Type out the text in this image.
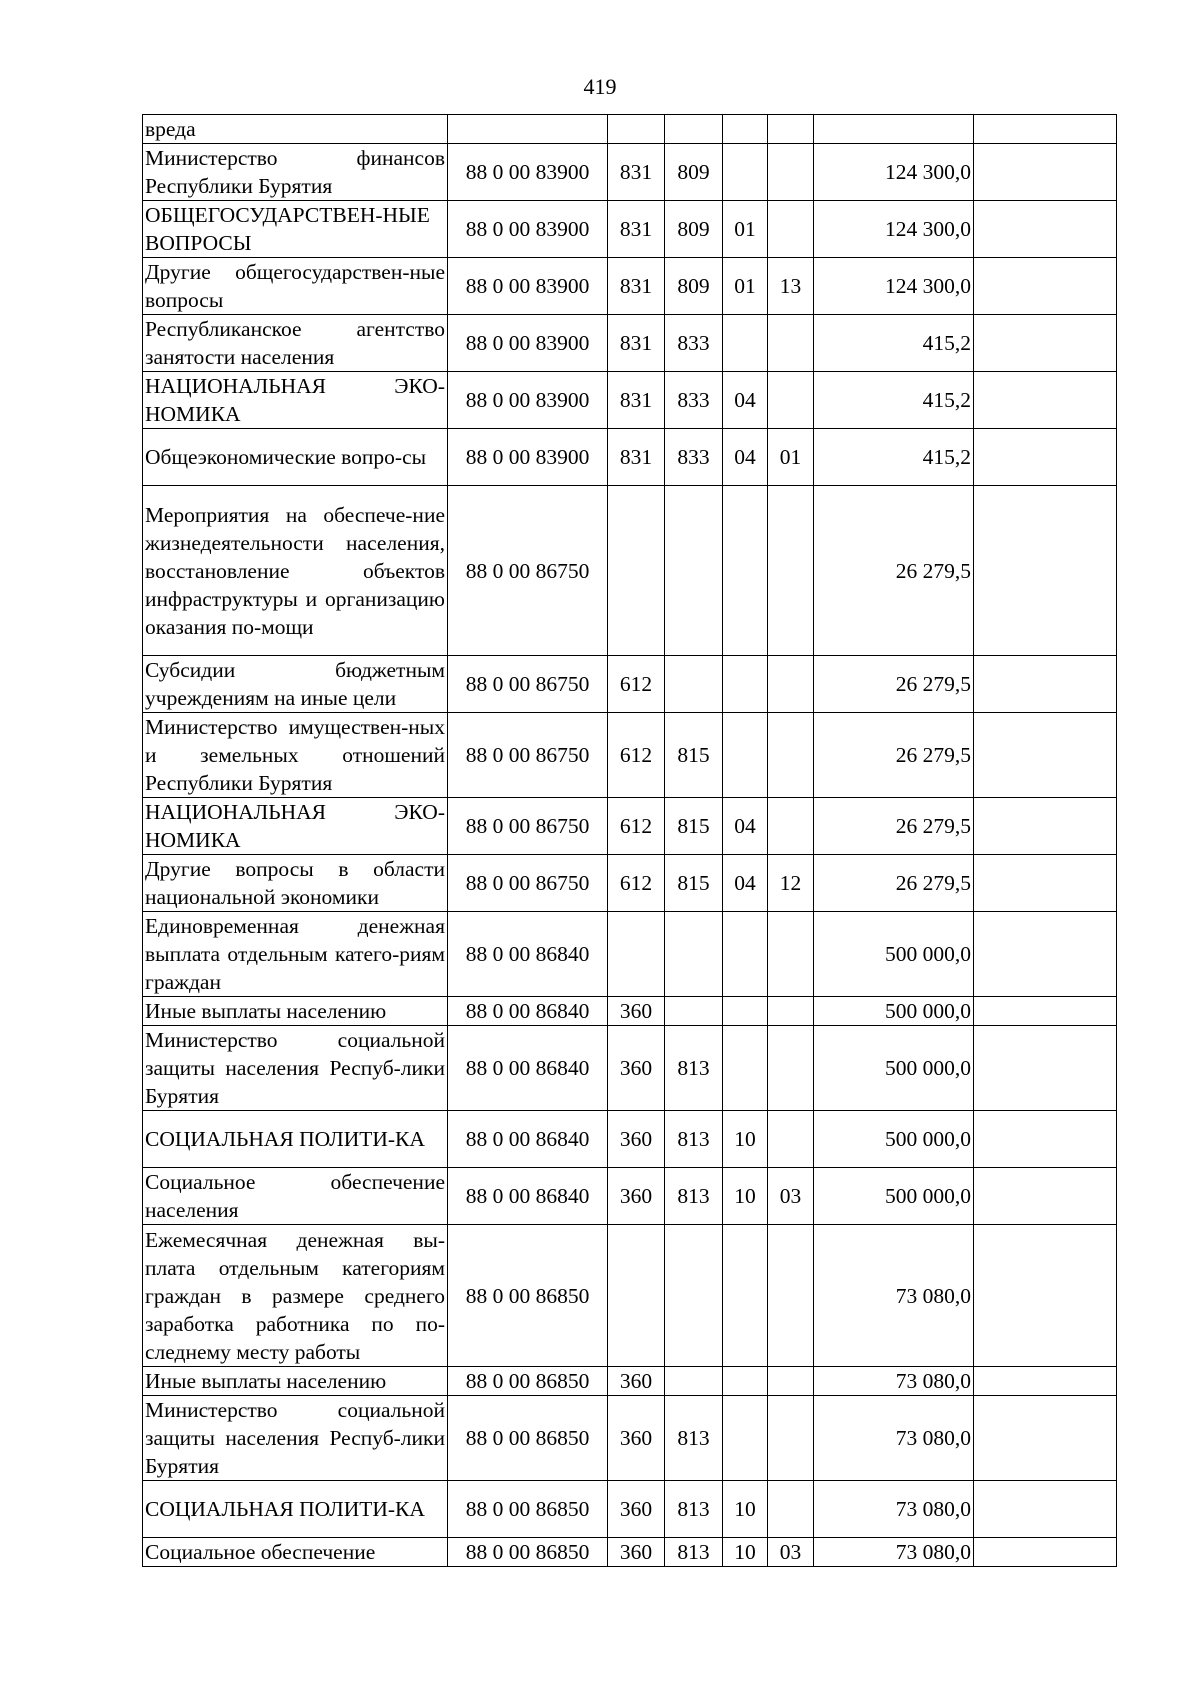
419
вреда							
Министерство финансов Республики Бурятия	88 0 00 83900	831	809			124 300,0	
ОБЩЕГОСУДАРСТВЕН-НЫЕ ВОПРОСЫ	88 0 00 83900	831	809	01		124 300,0	
Другие общегосударствен-ные вопросы	88 0 00 83900	831	809	01	13	124 300,0	
Республиканское агентство занятости населения	88 0 00 83900	831	833			415,2	
НАЦИОНАЛЬНАЯ ЭКО-НОМИКА	88 0 00 83900	831	833	04		415,2	
Общеэкономические вопро-сы	88 0 00 83900	831	833	04	01	415,2	
Мероприятия на обеспече-ние жизнедеятельности населения, восстановление объектов инфраструктуры и организацию оказания по-мощи	88 0 00 86750					26 279,5	
Субсидии бюджетным учреждениям на иные цели	88 0 00 86750	612				26 279,5	
Министерство имуществен-ных и земельных отношений Республики Бурятия	88 0 00 86750	612	815			26 279,5	
НАЦИОНАЛЬНАЯ ЭКО-НОМИКА	88 0 00 86750	612	815	04		26 279,5	
Другие вопросы в области национальной экономики	88 0 00 86750	612	815	04	12	26 279,5	
Единовременная денежная выплата отдельным катего-риям граждан	88 0 00 86840					500 000,0	
Иные выплаты населению	88 0 00 86840	360				500 000,0	
Министерство социальной защиты населения Респуб-лики Бурятия	88 0 00 86840	360	813			500 000,0	
СОЦИАЛЬНАЯ ПОЛИТИ-КА	88 0 00 86840	360	813	10		500 000,0	
Социальное обеспечение населения	88 0 00 86840	360	813	10	03	500 000,0	
Ежемесячная денежная вы-плата отдельным категориям граждан в размере среднего заработка работника по по-следнему месту работы	88 0 00 86850					73 080,0	
Иные выплаты населению	88 0 00 86850	360				73 080,0	
Министерство социальной защиты населения Респуб-лики Бурятия	88 0 00 86850	360	813			73 080,0	
СОЦИАЛЬНАЯ ПОЛИТИ-КА	88 0 00 86850	360	813	10		73 080,0	
Социальное обеспечение	88 0 00 86850	360	813	10	03	73 080,0	
